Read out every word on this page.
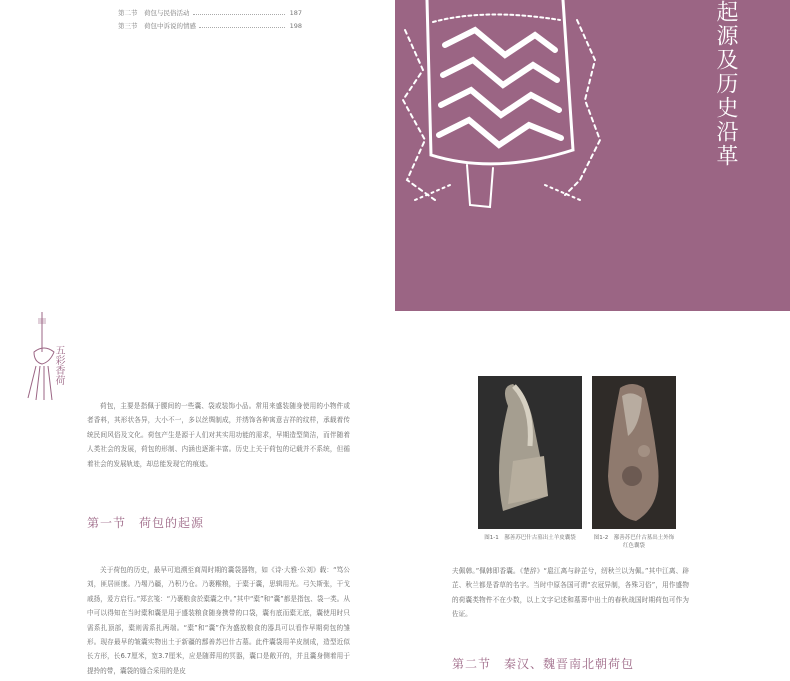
第二节	荷包与民俗活动	187
第三节	荷包中诉说的情感	198	起源及历史沿革
五彩香荷
荷包，主要是指佩于腰间的一些囊、袋或装饰小品。常用来盛装随身使用的小物件或者香料，其形状各异，大小不一，多以丝绸制成，并绣饰各种寓意吉祥的纹样，承载着传统民间风俗及文化。荷包产生是源于人们对其实用功能的需求，早期造型简洁，而伴随着人类社会的发展，荷包的形制、内涵也逐渐丰富。历史上关于荷包的记载并不系统，但循着社会的发展轨迹，却总能发现它的痕迹。
第一节　荷包的起源
关于荷包的历史，最早可追溯至商周时期的囊袋器物，如《诗·大雅·公刘》载：“笃公刘，匪居匪康。乃埸乃疆，乃积乃仓。乃裹糇粮，于橐于囊，思辑用光。弓矢斯张，干戈戚扬，爰方启行。”郑玄笺：“乃裹粮食於橐囊之中。”其中“橐”和“囊”都是指包、袋一类。从中可以得知在当时橐和囊是用于盛装粮食随身携带的口袋，囊有底而橐无底，囊使用时只需系扎顶部，橐则需系扎两端。“橐”和“囊”作为盛放粮食的器具可以看作早期荷包的雏形。现存最早的皱囊实物出土于新疆的鄯善苏巴什古墓。此件囊袋用羊皮制成，造型近似长方形，长6.7厘米，宽3.7厘米，应是随葬用的冥器，囊口是敞开的，并且囊身侧着用于提拎的带，囊袋的缝合采用的是皮
图1-1　鄯善苏巴什古墓出土羊皮囊袋	图1-2　鄯善苏巴什古墓出土外饰红色囊袋
夫佩韩。”佩韩即香囊。《楚辞》“扈江离与辟芷兮，纫秋兰以为佩。”其中江离、辟芷、秋兰都是香草的名字。当时中原各国可谓“衣冠异制，各殊习俗”，用作盛物的荷囊类物件不在少数，以上文字记述和墓葬中出土的春秋战国时期荷包可作为佐证。
第二节　秦汉、魏晋南北朝荷包
